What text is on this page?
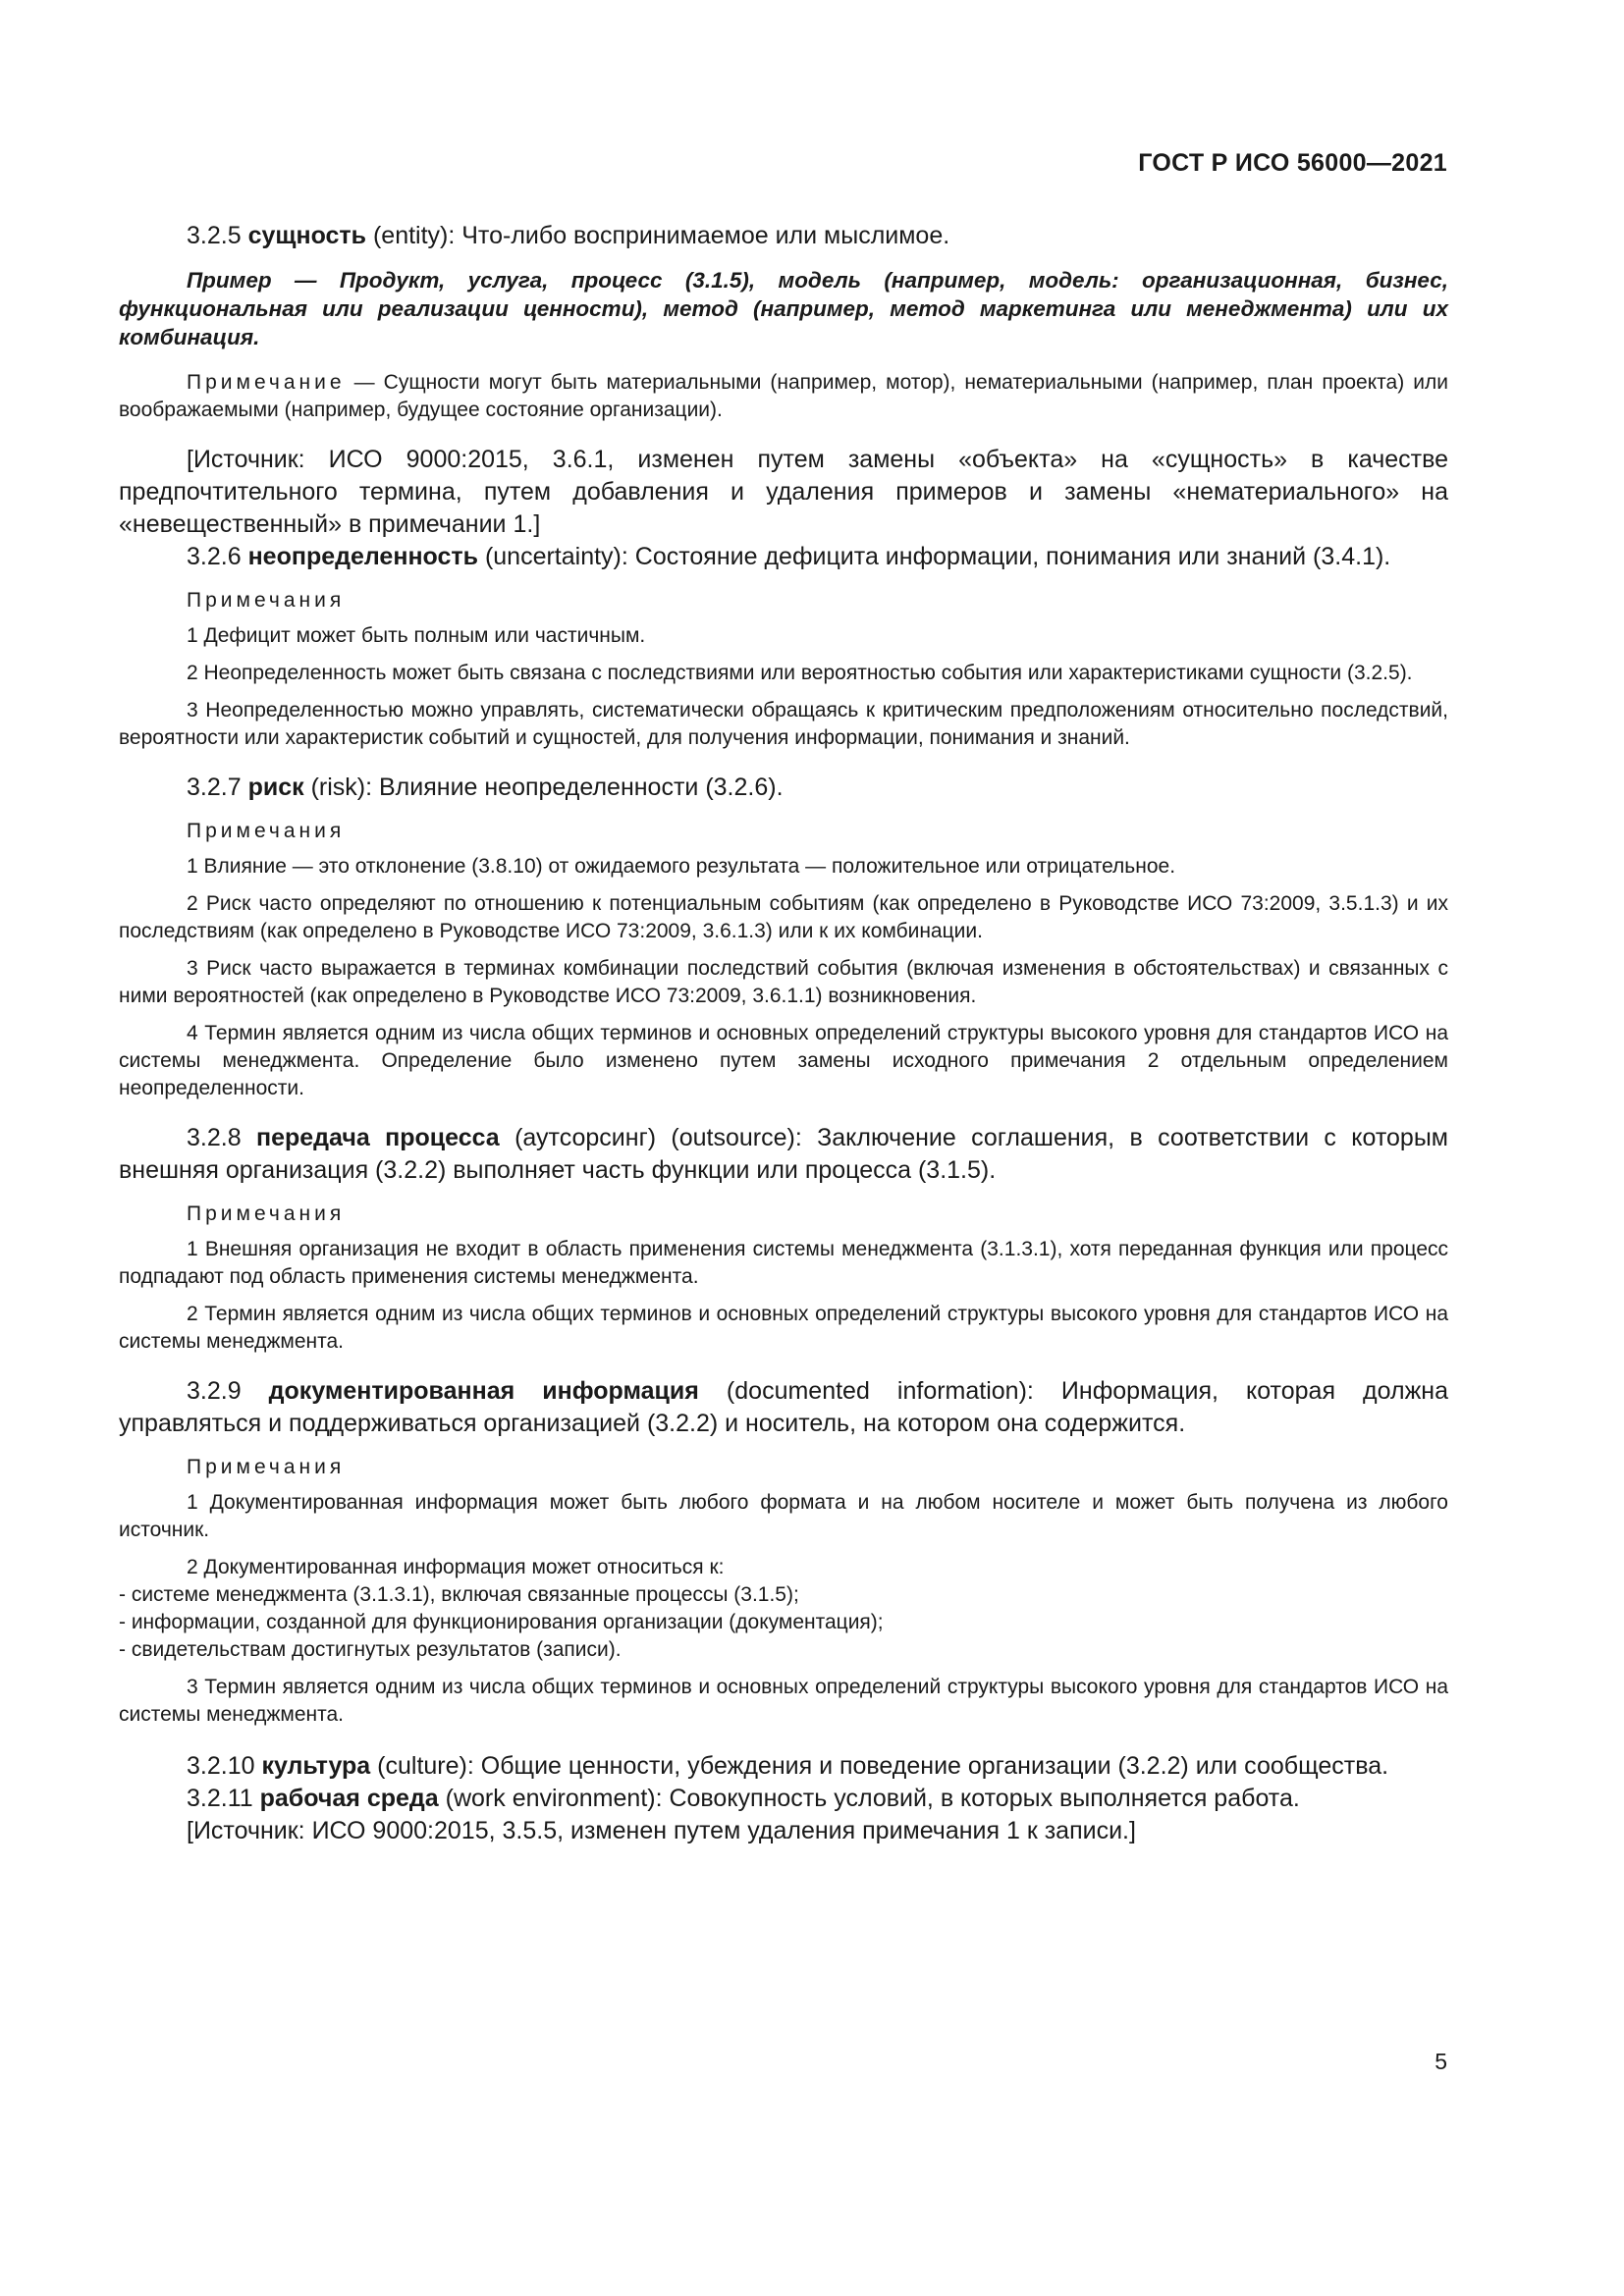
ГОСТ Р ИСО 56000—2021

3.2.5 сущность (entity): Что-либо воспринимаемое или мыслимое.

Пример — Продукт, услуга, процесс (3.1.5), модель (например, модель: организационная, бизнес, функциональная или реализации ценности), метод (например, метод маркетинга или менеджмента) или их комбинация.

Примечание — Сущности могут быть материальными (например, мотор), нематериальными (например, план проекта) или воображаемыми (например, будущее состояние организации).

[Источник: ИСО 9000:2015, 3.6.1, изменен путем замены «объекта» на «сущность» в качестве предпочтительного термина, путем добавления и удаления примеров и замены «нематериального» на «невещественный» в примечании 1.]

3.2.6 неопределенность (uncertainty): Состояние дефицита информации, понимания или знаний (3.4.1).

Примечания

1 Дефицит может быть полным или частичным.

2 Неопределенность может быть связана с последствиями или вероятностью события или характеристиками сущности (3.2.5).

3 Неопределенностью можно управлять, систематически обращаясь к критическим предположениям относительно последствий, вероятности или характеристик событий и сущностей, для получения информации, понимания и знаний.

3.2.7 риск (risk): Влияние неопределенности (3.2.6).

Примечания

1 Влияние — это отклонение (3.8.10) от ожидаемого результата — положительное или отрицательное.

2 Риск часто определяют по отношению к потенциальным событиям (как определено в Руководстве ИСО 73:2009, 3.5.1.3) и их последствиям (как определено в Руководстве ИСО 73:2009, 3.6.1.3) или к их комбинации.

3 Риск часто выражается в терминах комбинации последствий события (включая изменения в обстоятельствах) и связанных с ними вероятностей (как определено в Руководстве ИСО 73:2009, 3.6.1.1) возникновения.

4 Термин является одним из числа общих терминов и основных определений структуры высокого уровня для стандартов ИСО на системы менеджмента. Определение было изменено путем замены исходного примечания 2 отдельным определением неопределенности.

3.2.8 передача процесса (аутсорсинг) (outsource): Заключение соглашения, в соответствии с которым внешняя организация (3.2.2) выполняет часть функции или процесса (3.1.5).

Примечания

1 Внешняя организация не входит в область применения системы менеджмента (3.1.3.1), хотя переданная функция или процесс подпадают под область применения системы менеджмента.

2 Термин является одним из числа общих терминов и основных определений структуры высокого уровня для стандартов ИСО на системы менеджмента.

3.2.9 документированная информация (documented information): Информация, которая должна управляться и поддерживаться организацией (3.2.2) и носитель, на котором она содержится.

Примечания

1 Документированная информация может быть любого формата и на любом носителе и может быть получена из любого источник.

2 Документированная информация может относиться к:

- системе менеджмента (3.1.3.1), включая связанные процессы (3.1.5);

- информации, созданной для функционирования организации (документация);

- свидетельствам достигнутых результатов (записи).

3 Термин является одним из числа общих терминов и основных определений структуры высокого уровня для стандартов ИСО на системы менеджмента.

3.2.10 культура (culture): Общие ценности, убеждения и поведение организации (3.2.2) или сообщества.

3.2.11 рабочая среда (work environment): Совокупность условий, в которых выполняется работа.

[Источник: ИСО 9000:2015, 3.5.5, изменен путем удаления примечания 1 к записи.]

5
